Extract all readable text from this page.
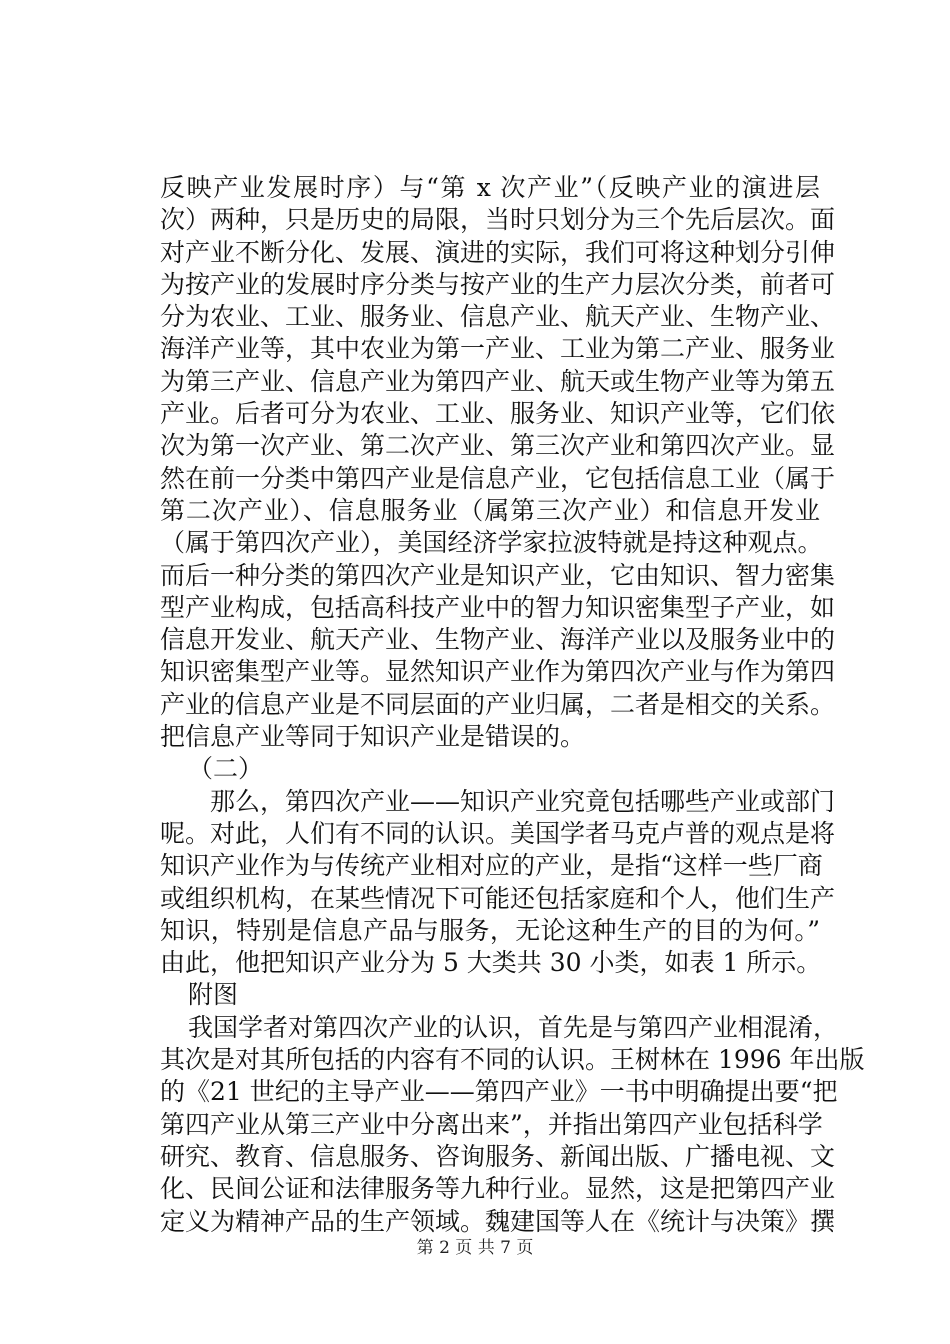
反映产业发展时序）与“第 x 次产业”（反映产业的演进层
次）两种，只是历史的局限，当时只划分为三个先后层次。面
对产业不断分化、发展、演进的实际，我们可将这种划分引伸
为按产业的发展时序分类与按产业的生产力层次分类，前者可
分为农业、工业、服务业、信息产业、航天产业、生物产业、
海洋产业等，其中农业为第一产业、工业为第二产业、服务业
为第三产业、信息产业为第四产业、航天或生物产业等为第五
产业。后者可分为农业、工业、服务业、知识产业等，它们依
次为第一次产业、第二次产业、第三次产业和第四次产业。显
然在前一分类中第四产业是信息产业，它包括信息工业（属于
第二次产业）、信息服务业（属第三次产业）和信息开发业
（属于第四次产业），美国经济学家拉波特就是持这种观点。
而后一种分类的第四次产业是知识产业，它由知识、智力密集
型产业构成，包括高科技产业中的智力知识密集型子产业，如
信息开发业、航天产业、生物产业、海洋产业以及服务业中的
知识密集型产业等。显然知识产业作为第四次产业与作为第四
产业的信息产业是不同层面的产业归属，二者是相交的关系。
把信息产业等同于知识产业是错误的。
（二）
那么，第四次产业——知识产业究竟包括哪些产业或部门
呢。对此，人们有不同的认识。美国学者马克卢普的观点是将
知识产业作为与传统产业相对应的产业，是指“这样一些厂商
或组织机构，在某些情况下可能还包括家庭和个人，他们生产
知识，特别是信息产品与服务，无论这种生产的目的为何。”
由此，他把知识产业分为 5 大类共 30 小类，如表 1 所示。
附图
我国学者对第四次产业的认识，首先是与第四产业相混淆，
其次是对其所包括的内容有不同的认识。王树林在 1996 年出版
的《21 世纪的主导产业——第四产业》一书中明确提出要“把
第四产业从第三产业中分离出来”，并指出第四产业包括科学
研究、教育、信息服务、咨询服务、新闻出版、广播电视、文
化、民间公证和法律服务等九种行业。显然，这是把第四产业
定义为精神产品的生产领域。魏建国等人在《统计与决策》撰
第 2 页 共 7 页
